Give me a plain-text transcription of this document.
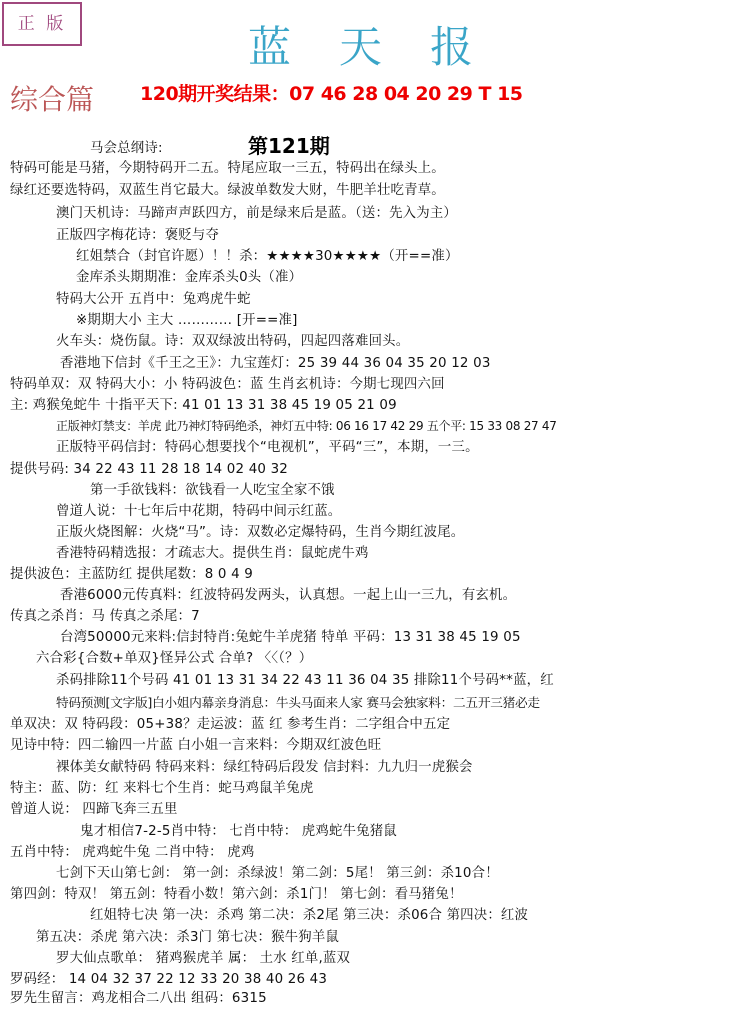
正 版	蓝天报
综合篇 120期开奖结果：07 46 28 04 20 29 T 15
第121期
马会总纲诗:
特码可能是马猪，今期特码开二五。特尾应取一三五，特码出在绿头上。
绿红还要选特码，双蓝生肖它最大。绿波单数发大财，牛肥羊壮吃青草。
澳门天机诗：马蹄声声跃四方，前是绿来后是蓝。（送：先入为主）
正版四字梅花诗：褒贬与夺
红姐禁合（封官许愿）！！杀：★★★★30★★★★（开==准）
金库杀头期期准：金库杀头0头（准）
特码大公开 五肖中：兔鸡虎牛蛇
※期期大小 主大 ………… [开==准]
火车头：烧伤鼠。诗：双双绿波出特码，四起四落难回头。
香港地下信封《千王之王》：九宝莲灯：25 39 44 36 04 35 20 12 03
特码单双：双 特码大小：小 特码波色：蓝 生肖玄机诗：今期七现四六回
主: 鸡猴兔蛇牛 十指平天下: 41 01 13 31 38 45 19 05 21 09
正版神灯禁支：羊虎 此乃神灯特码绝杀，神灯五中特: 06 16 17 42 29 五个平: 15 33 08 27 47
正版特平码信封：特码心想要找个“电视机”，平码“三”，本期，一三。
提供号码: 34 22 43 11 28 18 14 02 40 32
第一手欲钱料：欲钱看一人吃宝全家不饿
曾道人说：十七年后中花期，特码中间示红蓝。
正版火烧图解：火烧“马”。诗：双数必定爆特码，生肖今期红波尾。
香港特码精选报：才疏志大。提供生肖：鼠蛇虎牛鸡
提供波色：主蓝防红 提供尾数：8 0 4 9
香港6000元传真料：红波特码发两头，认真想。一起上山一三九，有玄机。
传真之杀肖：马 传真之杀尾：7
台湾50000元来料:信封特肖:兔蛇牛羊虎猪 特单 平码：13 31 38 45 19 05
六合彩{合数+单双}怪异公式 合单? 〈〈（？）
杀码排除11个号码 41 01 13 31 34 22 43 11 36 04 35 排除11个号码**蓝，红
特码预测[文字版]白小姐内幕亲身消息：牛头马面来人家 赛马会独家料：二五开三猪必走
单双决：双 特码段：05+38？走运波：蓝 红 参考生肖：二字组合中五定
见诗中特：四二输四一片蓝 白小姐一言来料：今期双红波色旺
裸体美女献特码 特码来料：绿红特码后段发 信封料：九九归一虎猴会
特主：蓝、防：红 来料七个生肖：蛇马鸡鼠羊兔虎
曾道人说： 四蹄飞奔三五里
鬼才相信7-2-5肖中特： 七肖中特： 虎鸡蛇牛兔猪鼠
五肖中特： 虎鸡蛇牛兔 二肖中特： 虎鸡
七剑下天山第七剑： 第一剑：杀绿波！第二剑：5尾！ 第三剑：杀10合！
第四剑：特双！ 第五剑：特看小数！第六剑：杀1门！ 第七剑：看马猪兔！
红姐特七决 第一决：杀鸡 第二决：杀2尾 第三决：杀06合 第四决：红波
第五决：杀虎 第六决：杀3门 第七决：猴牛狗羊鼠
罗大仙点歌单： 猪鸡猴虎羊 属： 土水 红单,蓝双
罗码经： 14 04 32 37 22 12 33 20 38 40 26 43
罗先生留言：鸡龙相合二八出 组码：6315
